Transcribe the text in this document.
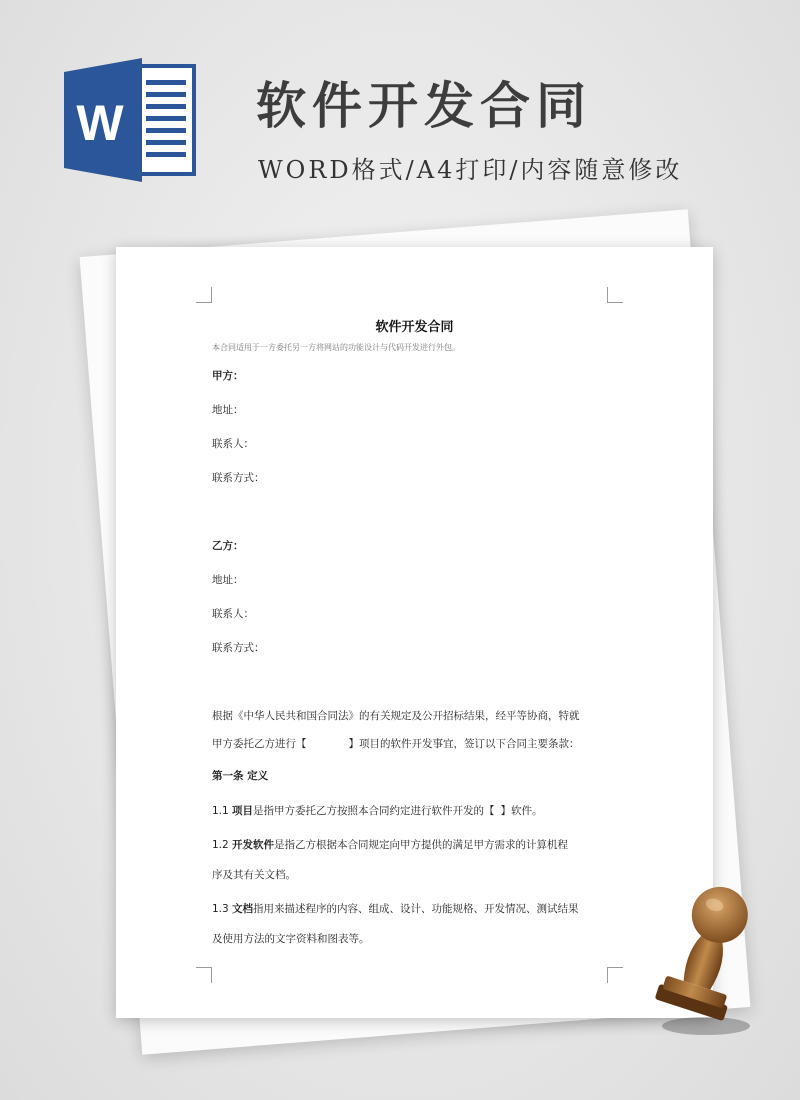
W	软件开发合同
WORD格式/A4打印/内容随意修改
软件开发合同
本合同适用于一方委托另一方将网站的功能设计与代码开发进行外包。
甲方：
地址：
联系人：
联系方式：
乙方：
地址：
联系人：
联系方式：
根据《中华人民共和国合同法》的有关规定及公开招标结果，经平等协商，特就
甲方委托乙方进行【	】项目的软件开发事宜，签订以下合同主要条款：
第一条 定义
1.1 项目是指甲方委托乙方按照本合同约定进行软件开发的【 】软件。
1.2 开发软件是指乙方根据本合同规定向甲方提供的满足甲方需求的计算机程
序及其有关文档。
1.3 文档指用来描述程序的内容、组成、设计、功能规格、开发情况、测试结果
及使用方法的文字资料和图表等。
